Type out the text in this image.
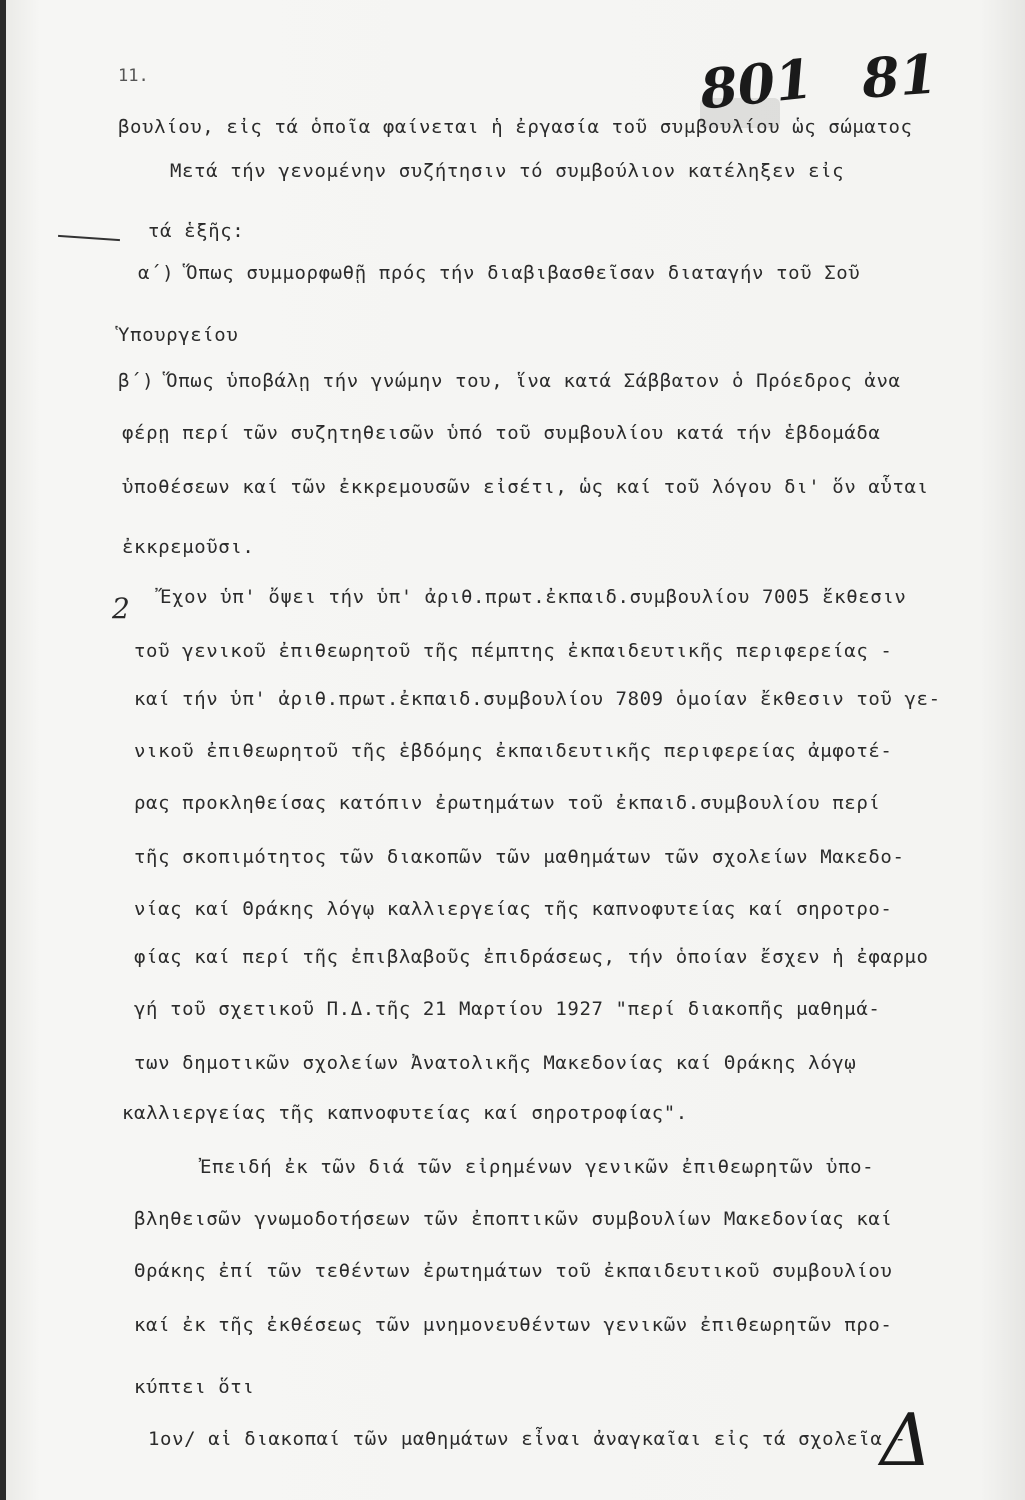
11.	801 81
2
βουλίου, εἰς τά ὁποῖα φαίνεται ἡ ἐργασία τοῦ συμβουλίου ὡς σώματος
Μετά τήν γενομένην συζήτησιν τό συμβούλιον κατέληξεν εἰς
τά ἑξῆς:
α΄) Ὅπως συμμορφωθῇ πρός τήν διαβιβασθεῖσαν διαταγήν τοῦ Σοῦ
Ὑπουργείου
β΄) Ὅπως ὑποβάλῃ τήν γνώμην του, ἵνα κατά Σάββατον ὁ Πρόεδρος ἀνα
φέρῃ περί τῶν συζητηθεισῶν ὑπό τοῦ συμβουλίου κατά τήν ἑβδομάδα
ὑποθέσεων καί τῶν ἐκκρεμουσῶν εἰσέτι, ὡς καί τοῦ λόγου δι' ὅν αὗται
ἐκκρεμοῦσι.
Ἔχον ὑπ' ὄψει τήν ὑπ' ἀριθ.πρωτ.ἐκπαιδ.συμβουλίου 7005 ἔκθεσιν
τοῦ γενικοῦ ἐπιθεωρητοῦ τῆς πέμπτης ἐκπαιδευτικῆς περιφερείας -
καί τήν ὑπ' ἀριθ.πρωτ.ἐκπαιδ.συμβουλίου 7809 ὁμοίαν ἔκθεσιν τοῦ γε-
νικοῦ ἐπιθεωρητοῦ τῆς ἑβδόμης ἐκπαιδευτικῆς περιφερείας ἀμφοτέ-
ρας προκληθείσας κατόπιν ἐρωτημάτων τοῦ ἐκπαιδ.συμβουλίου περί
τῆς σκοπιμότητος τῶν διακοπῶν τῶν μαθημάτων τῶν σχολείων Μακεδο-
νίας καί Θράκης λόγῳ καλλιεργείας τῆς καπνοφυτείας καί σηροτρο-
φίας καί περί τῆς ἐπιβλαβοῦς ἐπιδράσεως, τήν ὁποίαν ἔσχεν ἡ ἐφαρμο
γή τοῦ σχετικοῦ Π.Δ.τῆς 21 Μαρτίου 1927 "περί διακοπῆς μαθημά-
των δημοτικῶν σχολείων Ἀνατολικῆς Μακεδονίας καί Θράκης λόγῳ
καλλιεργείας τῆς καπνοφυτείας καί σηροτροφίας".
Ἐπειδή ἐκ τῶν διά τῶν εἰρημένων γενικῶν ἐπιθεωρητῶν ὑπο-
βληθεισῶν γνωμοδοτήσεων τῶν ἐποπτικῶν συμβουλίων Μακεδονίας καί
Θράκης ἐπί τῶν τεθέντων ἐρωτημάτων τοῦ ἐκπαιδευτικοῦ συμβουλίου
καί ἐκ τῆς ἐκθέσεως τῶν μνημονευθέντων γενικῶν ἐπιθεωρητῶν προ-
κύπτει ὅτι
1ον/ αἱ διακοπαί τῶν μαθημάτων εἶναι ἀναγκαῖαι εἰς τά σχολεῖα -
Δ
